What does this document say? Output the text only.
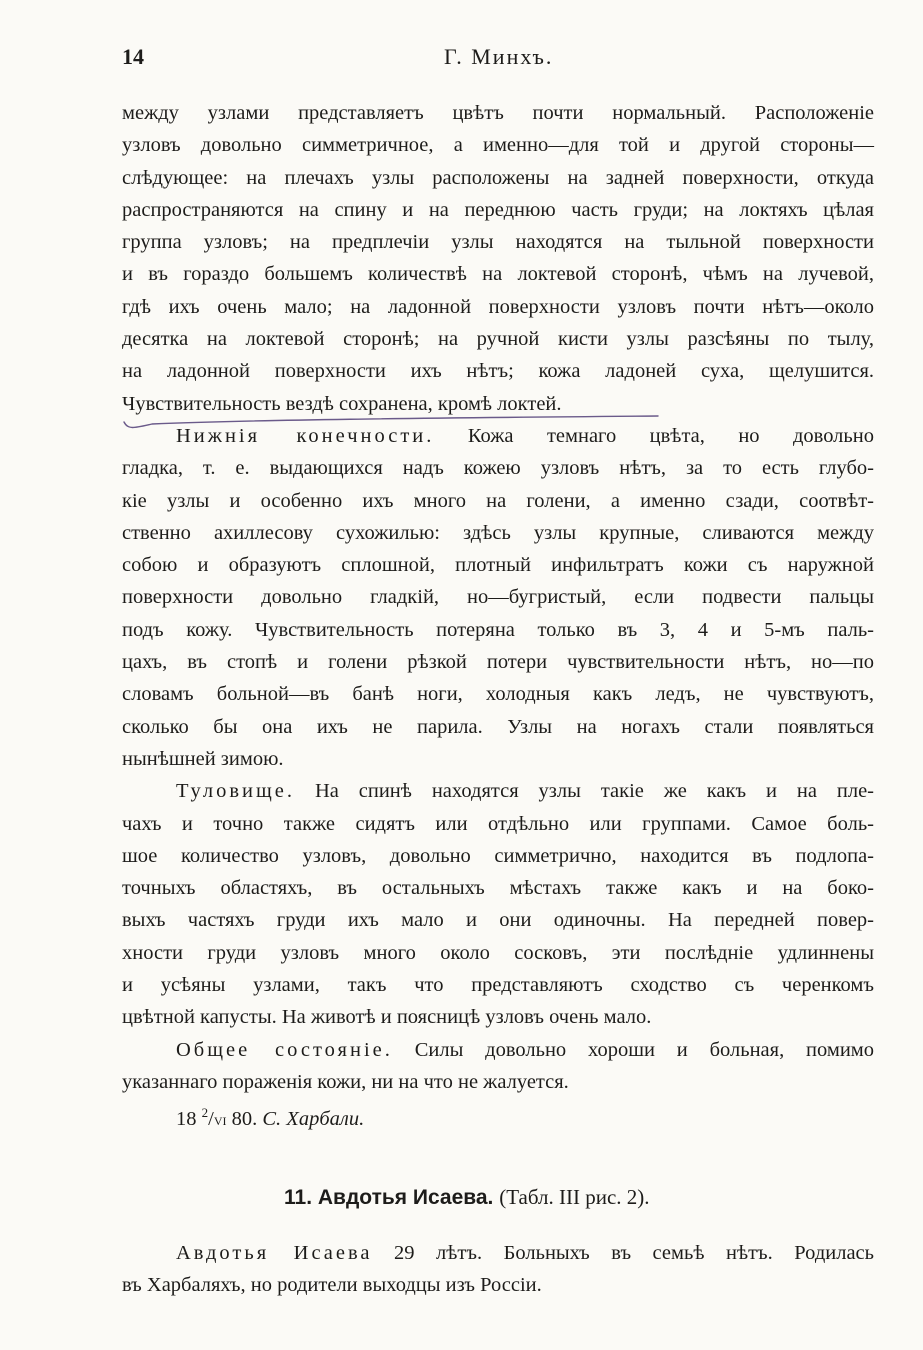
14	Г. Минхъ.
между узлами представляетъ цвѣтъ почти нормальный. Расположенiе
узловъ довольно симметричное, а именно—для той и другой стороны—
слѣдующее: на плечахъ узлы расположены на задней поверхности, откуда
распространяются на спину и на переднюю часть груди; на локтяхъ цѣлая
группа узловъ; на предплечiи узлы находятся на тыльной поверхности
и въ гораздо большемъ количествѣ на локтевой сторонѣ, чѣмъ на лучевой,
гдѣ ихъ очень мало; на ладонной поверхности узловъ почти нѣтъ—около
десятка на локтевой сторонѣ; на ручной кисти узлы разсѣяны по тылу,
на ладонной поверхности ихъ нѣтъ; кожа ладоней суха, щелушится.
Чувствительность вездѣ сохранена, кромѣ локтей.
Нижнiя конечности. Кожа темнаго цвѣта, но довольно
гладка, т. е. выдающихся надъ кожею узловъ нѣтъ, за то есть глубо-
кiе узлы и особенно ихъ много на голени, а именно сзади, соотвѣт-
ственно ахиллесову сухожилью: здѣсь узлы крупные, сливаются между
собою и образуютъ сплошной, плотный инфильтратъ кожи съ наружной
поверхности довольно гладкiй, но—бугристый, если подвести пальцы
подъ кожу. Чувствительность потеряна только въ 3, 4 и 5-мъ паль-
цахъ, въ стопѣ и голени рѣзкой потери чувствительности нѣтъ, но—по
словамъ больной—въ банѣ ноги, холодныя какъ ледъ, не чувствуютъ,
сколько бы она ихъ не парила. Узлы на ногахъ стали появляться
нынѣшней зимою.
Туловище. На спинѣ находятся узлы такiе же какъ и на пле-
чахъ и точно также сидятъ или отдѣльно или группами. Самое боль-
шое количество узловъ, довольно симметрично, находится въ подлопа-
точныхъ областяхъ, въ остальныхъ мѣстахъ также какъ и на боко-
выхъ частяхъ груди ихъ мало и они одиночны. На передней повер-
хности груди узловъ много около сосковъ, эти послѣднiе удлиннены
и усѣяны узлами, такъ что представляютъ сходство съ черенкомъ
цвѣтной капусты. На животѣ и поясницѣ узловъ очень мало.
Общее состоянiе. Силы довольно хороши и больная, помимо
указаннаго пораженiя кожи, ни на что не жалуется.
18 $^2$/VI 80. С. Харбали.
11. Авдотья Исаева. (Табл. III рис. 2).
Авдотья Исаева 29 лѣтъ. Больныхъ въ семьѣ нѣтъ. Родилась
въ Харбаляхъ, но родители выходцы изъ Россiи.
